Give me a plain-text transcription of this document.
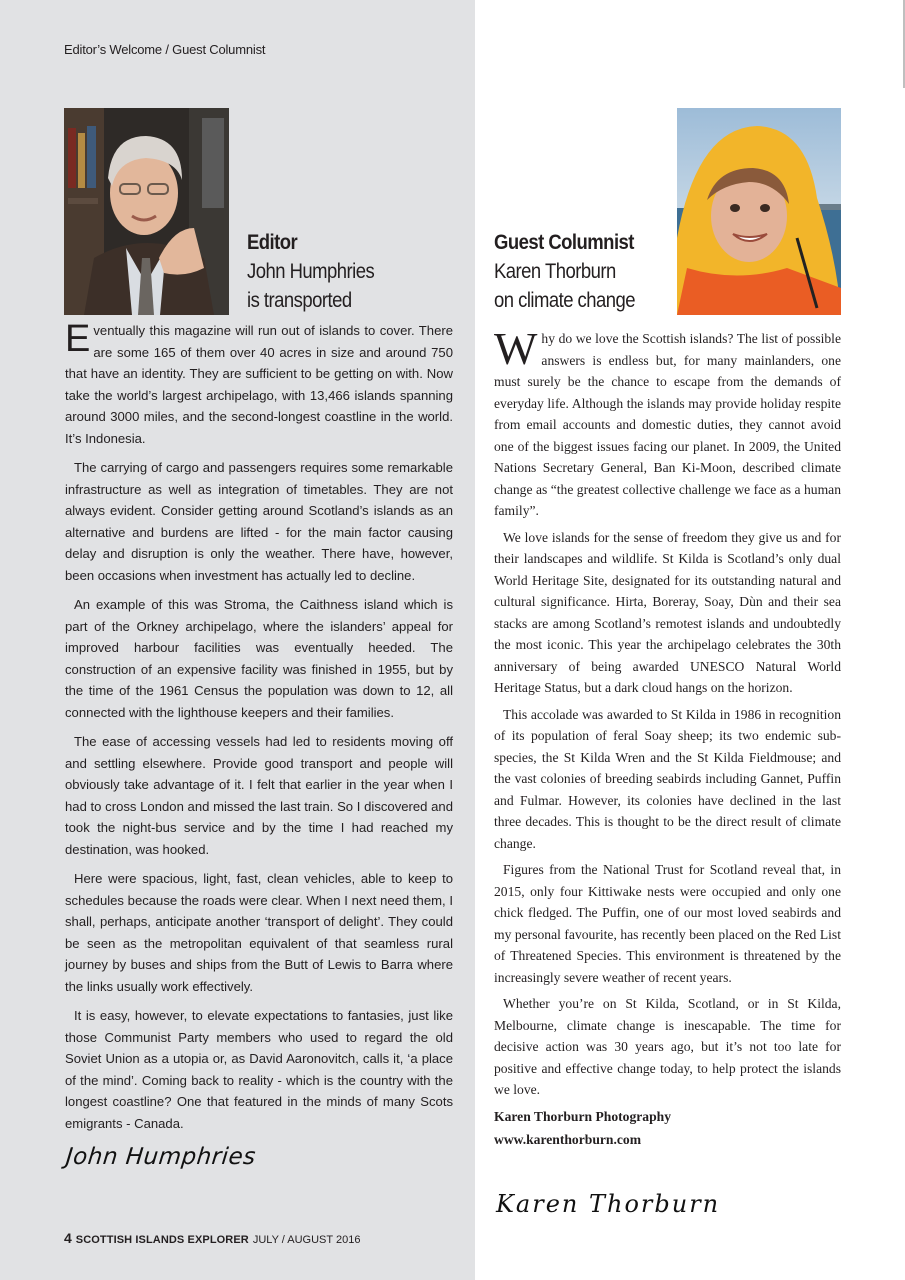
Editor’s Welcome / Guest Columnist
Editor
John Humphries
is transported
Guest Columnist
Karen Thorburn
on climate change

Eventually this magazine will run out of islands to cover. There are some 165 of them over 40 acres in size and around 750 that have an identity. They are sufficient to be getting on with. Now take the world’s largest archipelago, with 13,466 islands spanning around 3000 miles, and the second-longest coastline in the world. It’s Indonesia.

The carrying of cargo and passengers requires some remarkable infrastructure as well as integration of timetables. They are not always evident. Consider getting around Scotland’s islands as an alternative and burdens are lifted - for the main factor causing delay and disruption is only the weather. There have, however, been occasions when investment has actually led to decline.

An example of this was Stroma, the Caithness island which is part of the Orkney archipelago, where the islanders’ appeal for improved harbour facilities was eventually heeded. The construction of an expensive facility was finished in 1955, but by the time of the 1961 Census the population was down to 12, all connected with the lighthouse keepers and their families.

The ease of accessing vessels had led to residents moving off and settling elsewhere. Provide good transport and people will obviously take advantage of it. I felt that earlier in the year when I had to cross London and missed the last train. So I discovered and took the night-bus service and by the time I had reached my destination, was hooked.

Here were spacious, light, fast, clean vehicles, able to keep to schedules because the roads were clear. When I next need them, I shall, perhaps, anticipate another ‘transport of delight’. They could be seen as the metropolitan equivalent of that seamless rural journey by buses and ships from the Butt of Lewis to Barra where the links usually work effectively.

It is easy, however, to elevate expectations to fantasies, just like those Communist Party members who used to regard the old Soviet Union as a utopia or, as David Aaronovitch, calls it, ‘a place of the mind’. Coming back to reality - which is the country with the longest coastline? One that featured in the minds of many Scots emigrants - Canada.

John Humphries

Why do we love the Scottish islands? The list of possible answers is endless but, for many mainlanders, one must surely be the chance to escape from the demands of everyday life. Although the islands may provide holiday respite from email accounts and domestic duties, they cannot avoid one of the biggest issues facing our planet. In 2009, the United Nations Secretary General, Ban Ki-Moon, described climate change as “the greatest collective challenge we face as a human family”.

We love islands for the sense of freedom they give us and for their landscapes and wildlife. St Kilda is Scotland’s only dual World Heritage Site, designated for its outstanding natural and cultural significance. Hirta, Boreray, Soay, Dùn and their sea stacks are among Scotland’s remotest islands and undoubtedly the most iconic. This year the archipelago celebrates the 30th anniversary of being awarded UNESCO Natural World Heritage Status, but a dark cloud hangs on the horizon.

This accolade was awarded to St Kilda in 1986 in recognition of its population of feral Soay sheep; its two endemic sub-species, the St Kilda Wren and the St Kilda Fieldmouse; and the vast colonies of breeding seabirds including Gannet, Puffin and Fulmar. However, its colonies have declined in the last three decades. This is thought to be the direct result of climate change.

Figures from the National Trust for Scotland reveal that, in 2015, only four Kittiwake nests were occupied and only one chick fledged. The Puffin, one of our most loved seabirds and my personal favourite, has recently been placed on the Red List of Threatened Species. This environment is threatened by the increasingly severe weather of recent years.

Whether you’re on St Kilda, Scotland, or in St Kilda, Melbourne, climate change is inescapable. The time for decisive action was 30 years ago, but it’s not too late for positive and effective change today, to help protect the islands we love.

Karen Thorburn Photography

www.karenthorburn.com

Karen Thorburn
4 SCOTTISH ISLANDS EXPLORER JULY / AUGUST 2016
